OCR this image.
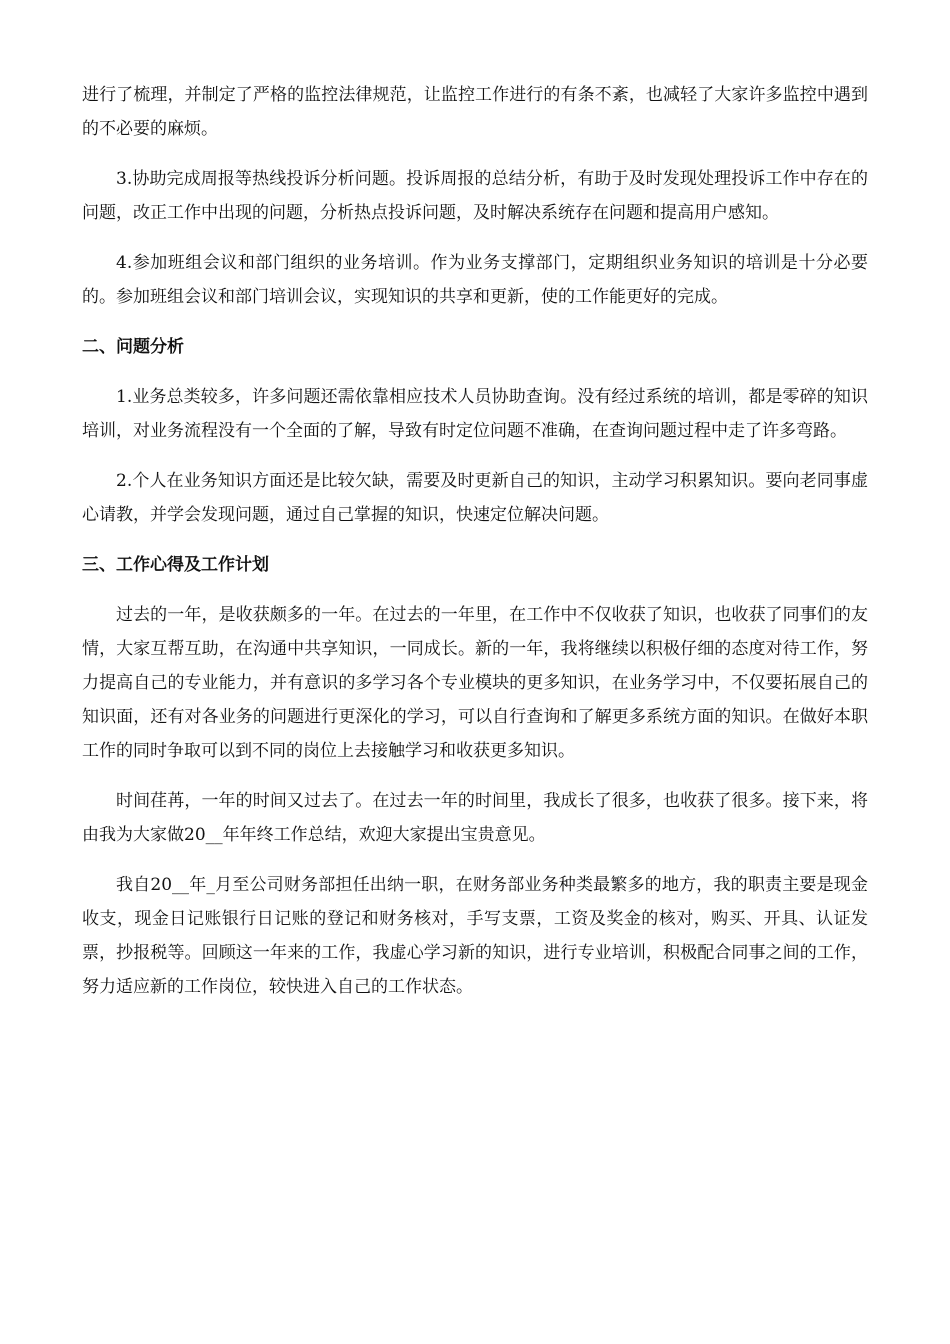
进行了梳理，并制定了严格的监控法律规范，让监控工作进行的有条不紊，也减轻了大家许多监控中遇到的不必要的麻烦。

3.协助完成周报等热线投诉分析问题。投诉周报的总结分析，有助于及时发现处理投诉工作中存在的问题，改正工作中出现的问题，分析热点投诉问题，及时解决系统存在问题和提高用户感知。

4.参加班组会议和部门组织的业务培训。作为业务支撑部门，定期组织业务知识的培训是十分必要的。参加班组会议和部门培训会议，实现知识的共享和更新，使的工作能更好的完成。

二、问题分析

1.业务总类较多，许多问题还需依靠相应技术人员协助查询。没有经过系统的培训，都是零碎的知识培训，对业务流程没有一个全面的了解，导致有时定位问题不准确，在查询问题过程中走了许多弯路。

2.个人在业务知识方面还是比较欠缺，需要及时更新自己的知识，主动学习积累知识。要向老同事虚心请教，并学会发现问题，通过自己掌握的知识，快速定位解决问题。

三、工作心得及工作计划

过去的一年，是收获颇多的一年。在过去的一年里，在工作中不仅收获了知识，也收获了同事们的友情，大家互帮互助，在沟通中共享知识，一同成长。新的一年，我将继续以积极仔细的态度对待工作，努力提高自己的专业能力，并有意识的多学习各个专业模块的更多知识，在业务学习中，不仅要拓展自己的知识面，还有对各业务的问题进行更深化的学习，可以自行查询和了解更多系统方面的知识。在做好本职工作的同时争取可以到不同的岗位上去接触学习和收获更多知识。

时间荏苒，一年的时间又过去了。在过去一年的时间里，我成长了很多，也收获了很多。接下来，将由我为大家做20__年年终工作总结，欢迎大家提出宝贵意见。

我自20__年_月至公司财务部担任出纳一职，在财务部业务种类最繁多的地方，我的职责主要是现金收支，现金日记账银行日记账的登记和财务核对，手写支票，工资及奖金的核对，购买、开具、认证发票，抄报税等。回顾这一年来的工作，我虚心学习新的知识，进行专业培训，积极配合同事之间的工作，努力适应新的工作岗位，较快进入自己的工作状态。
